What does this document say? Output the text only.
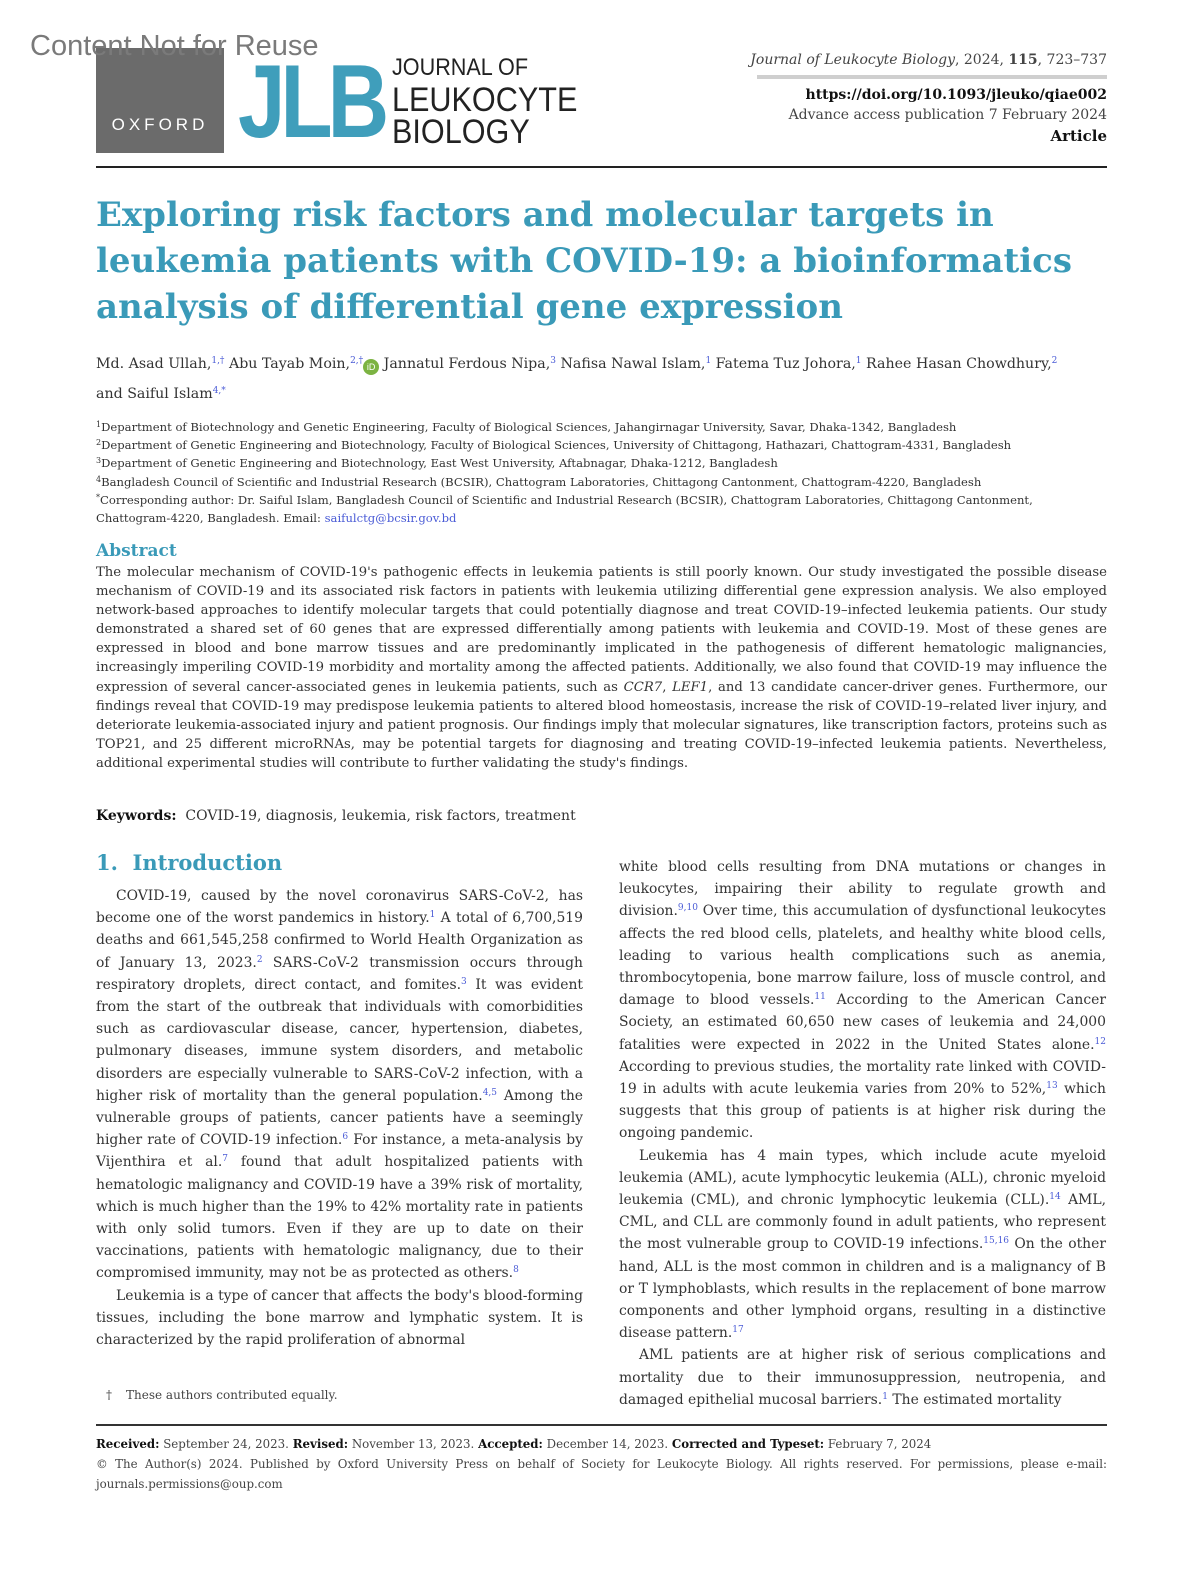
Content Not for Reuse
OXFORD JLB JOURNAL OF
LEUKOCYTE
BIOLOGY
Journal of Leukocyte Biology, 2024, 115, 723–737
https://doi.org/10.1093/jleuko/qiae002
Advance access publication 7 February 2024
Article
Exploring risk factors and molecular targets in leukemia patients with COVID-19: a bioinformatics analysis of differential gene expression
Md. Asad Ullah,$^{1,\dagger}$ Abu Tayab Moin,$^{2,\dagger}$iD Jannatul Ferdous Nipa,$^3$ Nafisa Nawal Islam,$^1$ Fatema Tuz Johora,$^1$ Rahee Hasan Chowdhury,$^2$
and Saiful Islam$^{4,*}$
$^1$Department of Biotechnology and Genetic Engineering, Faculty of Biological Sciences, Jahangirnagar University, Savar, Dhaka-1342, Bangladesh
$^2$Department of Genetic Engineering and Biotechnology, Faculty of Biological Sciences, University of Chittagong, Hathazari, Chattogram-4331, Bangladesh
$^3$Department of Genetic Engineering and Biotechnology, East West University, Aftabnagar, Dhaka-1212, Bangladesh
$^4$Bangladesh Council of Scientific and Industrial Research (BCSIR), Chattogram Laboratories, Chittagong Cantonment, Chattogram-4220, Bangladesh
*Corresponding author: Dr. Saiful Islam, Bangladesh Council of Scientific and Industrial Research (BCSIR), Chattogram Laboratories, Chittagong Cantonment, Chattogram-4220, Bangladesh. Email: saifulctg@bcsir.gov.bd
Abstract
The molecular mechanism of COVID-19's pathogenic effects in leukemia patients is still poorly known. Our study investigated the possible disease mechanism of COVID-19 and its associated risk factors in patients with leukemia utilizing differential gene expression analysis. We also employed network-based approaches to identify molecular targets that could potentially diagnose and treat COVID-19–infected leukemia patients. Our study demonstrated a shared set of 60 genes that are expressed differentially among patients with leukemia and COVID-19. Most of these genes are expressed in blood and bone marrow tissues and are predominantly implicated in the pathogenesis of different hematologic malignancies, increasingly imperiling COVID-19 morbidity and mortality among the affected patients. Additionally, we also found that COVID-19 may influence the expression of several cancer-associated genes in leukemia patients, such as CCR7, LEF1, and 13 candidate cancer-driver genes. Furthermore, our findings reveal that COVID-19 may predispose leukemia patients to altered blood homeostasis, increase the risk of COVID-19–related liver injury, and deteriorate leukemia-associated injury and patient prognosis. Our findings imply that molecular signatures, like transcription factors, proteins such as TOP21, and 25 different microRNAs, may be potential targets for diagnosing and treating COVID-19–infected leukemia patients. Nevertheless, additional experimental studies will contribute to further validating the study's findings.
Keywords: COVID-19, diagnosis, leukemia, risk factors, treatment
1.  Introduction

COVID-19, caused by the novel coronavirus SARS-CoV-2, has become one of the worst pandemics in history.$^1$ A total of 6,700,519 deaths and 661,545,258 confirmed to World Health Organization as of January 13, 2023.$^2$ SARS-CoV-2 transmission occurs through respiratory droplets, direct contact, and fomites.$^3$ It was evident from the start of the outbreak that individuals with comorbidities such as cardiovascular disease, cancer, hypertension, diabetes, pulmonary diseases, immune system disorders, and metabolic disorders are especially vulnerable to SARS-CoV-2 infection, with a higher risk of mortality than the general population.$^{4,5}$ Among the vulnerable groups of patients, cancer patients have a seemingly higher rate of COVID-19 infection.$^6$ For instance, a meta-analysis by Vijenthira et al.$^7$ found that adult hospitalized patients with hematologic malignancy and COVID-19 have a 39% risk of mortality, which is much higher than the 19% to 42% mortality rate in patients with only solid tumors. Even if they are up to date on their vaccinations, patients with hematologic malignancy, due to their compromised immunity, may not be as protected as others.$^8$

Leukemia is a type of cancer that affects the body's blood-forming tissues, including the bone marrow and lymphatic system. It is characterized by the rapid proliferation of abnormal

white blood cells resulting from DNA mutations or changes in leukocytes, impairing their ability to regulate growth and division.$^{9,10}$ Over time, this accumulation of dysfunctional leukocytes affects the red blood cells, platelets, and healthy white blood cells, leading to various health complications such as anemia, thrombocytopenia, bone marrow failure, loss of muscle control, and damage to blood vessels.$^{11}$ According to the American Cancer Society, an estimated 60,650 new cases of leukemia and 24,000 fatalities were expected in 2022 in the United States alone.$^{12}$ According to previous studies, the mortality rate linked with COVID-19 in adults with acute leukemia varies from 20% to 52%,$^{13}$ which suggests that this group of patients is at higher risk during the ongoing pandemic.

Leukemia has 4 main types, which include acute myeloid leukemia (AML), acute lymphocytic leukemia (ALL), chronic myeloid leukemia (CML), and chronic lymphocytic leukemia (CLL).$^{14}$ AML, CML, and CLL are commonly found in adult patients, who represent the most vulnerable group to COVID-19 infections.$^{15,16}$ On the other hand, ALL is the most common in children and is a malignancy of B or T lymphoblasts, which results in the replacement of bone marrow components and other lymphoid organs, resulting in a distinctive disease pattern.$^{17}$

AML patients are at higher risk of serious complications and mortality due to their immunosuppression, neutropenia, and damaged epithelial mucosal barriers.$^1$ The estimated mortality

† These authors contributed equally.
Received: September 24, 2023. Revised: November 13, 2023. Accepted: December 14, 2023. Corrected and Typeset: February 7, 2024
© The Author(s) 2024. Published by Oxford University Press on behalf of Society for Leukocyte Biology. All rights reserved. For permissions, please e-mail: journals.permissions@oup.com
